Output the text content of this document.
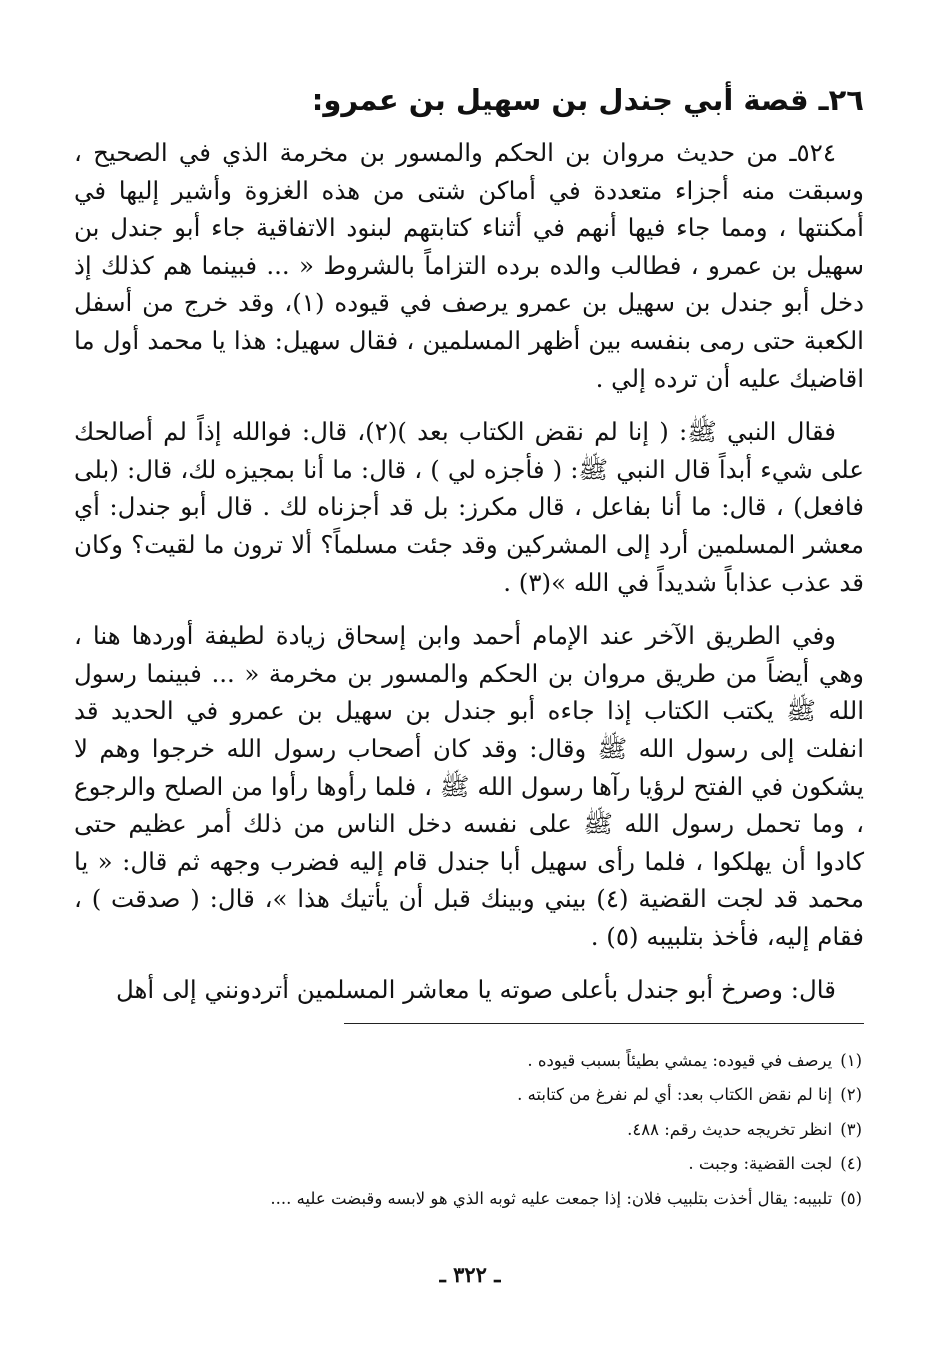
٢٦ـ قصة أبي جندل بن سهيل بن عمرو:

٥٢٤ـ من حديث مروان بن الحكم والمسور بن مخرمة الذي في الصحيح ، وسبقت منه أجزاء متعددة في أماكن شتى من هذه الغزوة وأشير إليها في أمكنتها ، ومما جاء فيها أنهم في أثناء كتابتهم لبنود الاتفاقية جاء أبو جندل بن سهيل بن عمرو ، فطالب والده برده التزاماً بالشروط « ... فبينما هم كذلك إذ دخل أبو جندل بن سهيل بن عمرو يرصف في قيوده (١)، وقد خرج من أسفل الكعبة حتى رمى بنفسه بين أظهر المسلمين ، فقال سهيل: هذا يا محمد أول ما اقاضيك عليه أن ترده إلي .

فقال النبي ﷺ: ( إنا لم نقض الكتاب بعد )(٢)، قال: فوالله إذاً لم أصالحك على شيء أبداً قال النبي ﷺ: ( فأجزه لي ) ، قال: ما أنا بمجيزه لك، قال: (بلى فافعل) ، قال: ما أنا بفاعل ، قال مكرز: بل قد أجزناه لك . قال أبو جندل: أي معشر المسلمين أرد إلى المشركين وقد جئت مسلماً؟ ألا ترون ما لقيت؟ وكان قد عذب عذاباً شديداً في الله »(٣) .

وفي الطريق الآخر عند الإمام أحمد وابن إسحاق زيادة لطيفة أوردها هنا ، وهي أيضاً من طريق مروان بن الحكم والمسور بن مخرمة « ... فبينما رسول الله ﷺ يكتب الكتاب إذا جاءه أبو جندل بن سهيل بن عمرو في الحديد قد انفلت إلى رسول الله ﷺ وقال: وقد كان أصحاب رسول الله خرجوا وهم لا يشكون في الفتح لرؤيا رآها رسول الله ﷺ ، فلما رأوها رأوا من الصلح والرجوع ، وما تحمل رسول الله ﷺ على نفسه دخل الناس من ذلك أمر عظيم حتى كادوا أن يهلكوا ، فلما رأى سهيل أبا جندل قام إليه فضرب وجهه ثم قال: « يا محمد قد لجت القضية (٤) بيني وبينك قبل أن يأتيك هذا »، قال: ( صدقت ) ، فقام إليه، فأخذ بتلبيبه (٥) .

قال: وصرخ أبو جندل بأعلى صوته يا معاشر المسلمين أتردونني إلى أهل

(١)يرصف في قيوده: يمشي بطيئاً بسبب قيوده .
(٢)إنا لم نقض الكتاب بعد: أي لم نفرغ من كتابته .
(٣)انظر تخريجه حديث رقم: ٤٨٨.
(٤)لجت القضية: وجبت .
(٥)تلبيبه: يقال أخذت بتلبيب فلان: إذا جمعت عليه ثوبه الذي هو لابسه وقبضت عليه ....
ـ ٣٢٢ ـ
